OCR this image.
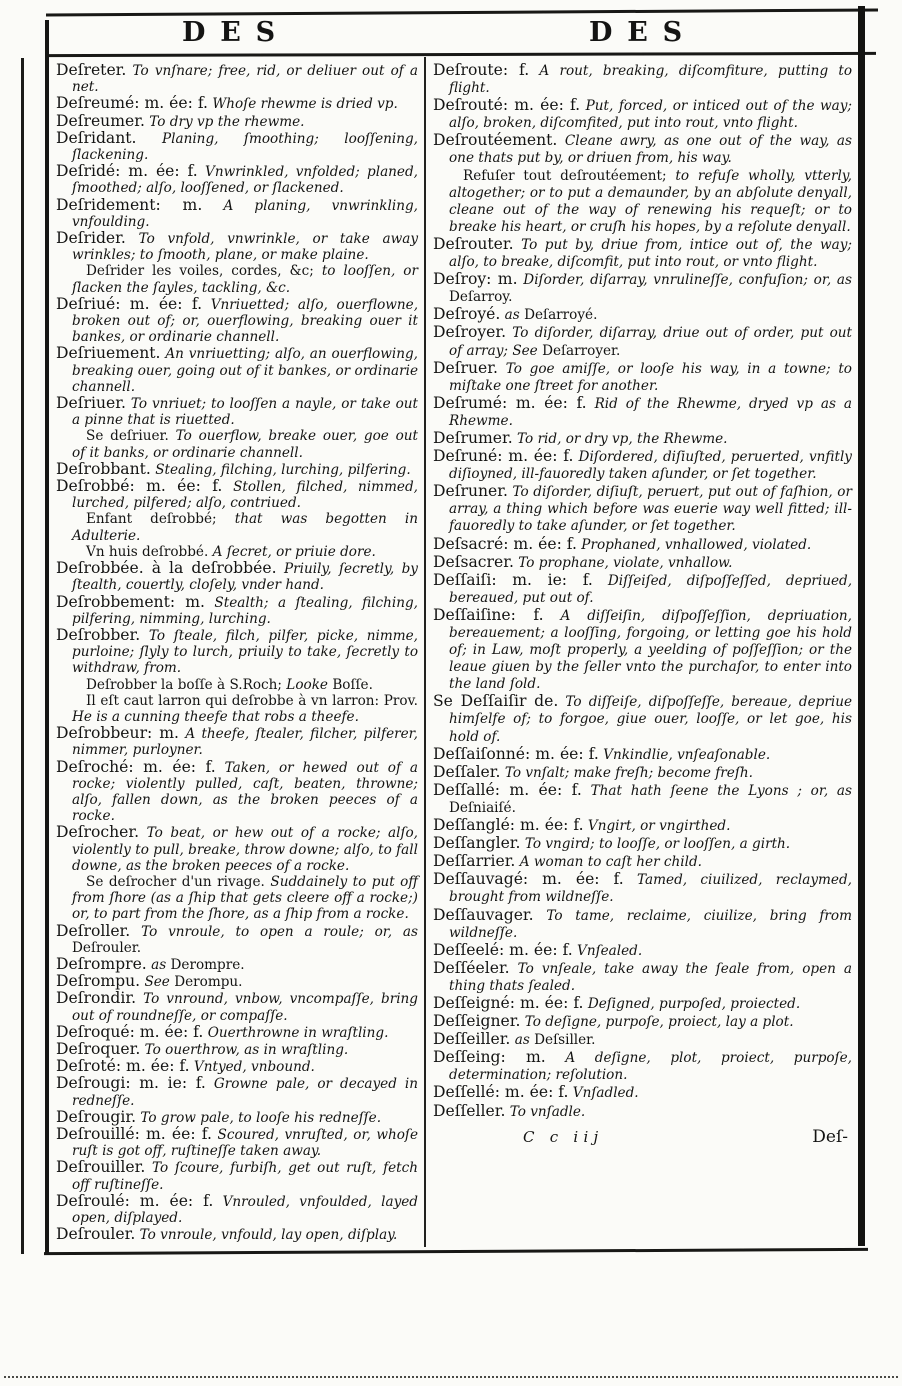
DES	DES

Deſreter. To vnſnare; free, rid, or deliuer out of a net.

Deſreumé: m. ée: f. Whoſe rhewme is dried vp.

Deſreumer. To dry vp the rhewme.

Deſridant. Planing, ſmoothing; looſſening, ſlackening.

Deſridé: m. ée: f. Vnwrinkled, vnfolded; planed, ſmoothed; alſo, looſſened, or ſlackened.

Deſridement: m. A planing, vnwrinkling, vnfoulding.

Deſrider. To vnfold, vnwrinkle, or take away wrinkles; to ſmooth, plane, or make plaine.

Deſrider les voiles, cordes, &c; to looſſen, or ſlacken the ſayles, tackling, &c.

Deſriué: m. ée: f. Vnriuetted; alſo, ouerflowne, broken out of; or, ouerflowing, breaking ouer it bankes, or ordinarie channell.

Deſriuement. An vnriuetting; alſo, an ouerflowing, breaking ouer, going out of it bankes, or ordinarie channell.

Deſriuer. To vnriuet; to looſſen a nayle, or take out a pinne that is riuetted.

Se deſriuer. To ouerflow, breake ouer, goe out of it banks, or ordinarie channell.

Deſrobbant. Stealing, filching, lurching, pilfering.

Deſrobbé: m. ée: f. Stollen, filched, nimmed, lurched, pilfered; alſo, contriued.

Enfant deſrobbé; that was begotten in Adulterie.

Vn huis deſrobbé. A ſecret, or priuie dore.

Deſrobbée. à la deſrobbée. Priuily, ſecretly, by ſtealth, couertly, cloſely, vnder hand.

Deſrobbement: m. Stealth; a ſtealing, filching, pilfering, nimming, lurching.

Deſrobber. To ſteale, filch, pilfer, picke, nimme, purloine; ſlyly to lurch, priuily to take, ſecretly to withdraw, from.

Deſrobber la boſſe à S.Roch; Looke Boſſe.

Il eſt caut larron qui deſrobbe à vn larron: Prov. He is a cunning theefe that robs a theefe.

Deſrobbeur: m. A theefe, ſtealer, filcher, pilferer, nimmer, purloyner.

Deſroché: m. ée: f. Taken, or hewed out of a rocke; violently pulled, caſt, beaten, throwne; alſo, fallen down, as the broken peeces of a rocke.

Deſrocher. To beat, or hew out of a rocke; alſo, violently to pull, breake, throw downe; alſo, to fall downe, as the broken peeces of a rocke.

Se deſrocher d'un rivage. Suddainely to put off from ſhore (as a ſhip that gets cleere off a rocke;) or, to part from the ſhore, as a ſhip from a rocke.

Deſroller. To vnroule, to open a roule; or, as Deſrouler.

Deſrompre. as Derompre.

Deſrompu. See Derompu.

Deſrondir. To vnround, vnbow, vncompaſſe, bring out of roundneſſe, or compaſſe.

Deſroqué: m. ée: f. Ouerthrowne in wraſtling.

Deſroquer. To ouerthrow, as in wraſtling.

Deſroté: m. ée: f. Vntyed, vnbound.

Deſrougi: m. ie: f. Growne pale, or decayed in redneſſe.

Deſrougir. To grow pale, to looſe his redneſſe.

Deſrouillé: m. ée: f. Scoured, vnruſted, or, whoſe ruſt is got off, ruſtineſſe taken away.

Deſrouiller. To ſcoure, furbiſh, get out ruſt, fetch off ruſtineſſe.

Deſroulé: m. ée: f. Vnrouled, vnfoulded, layed open, diſplayed.

Deſrouler. To vnroule, vnfould, lay open, diſplay.

Deſroute: f. A rout, breaking, diſcomfiture, putting to flight.

Deſrouté: m. ée: f. Put, forced, or inticed out of the way; alſo, broken, diſcomfited, put into rout, vnto flight.

Deſroutéement. Cleane awry, as one out of the way, as one thats put by, or driuen from, his way.

Refuſer tout deſroutéement; to refuſe wholly, vtterly, altogether; or to put a demaunder, by an abſolute denyall, cleane out of the way of renewing his requeſt; or to breake his heart, or cruſh his hopes, by a reſolute denyall.

Deſrouter. To put by, driue from, intice out of, the way; alſo, to breake, diſcomfit, put into rout, or vnto flight.

Deſroy: m. Diſorder, diſarray, vnrulineſſe, confuſion; or, as Deſarroy.

Deſroyé. as Deſarroyé.

Deſroyer. To diſorder, diſarray, driue out of order, put out of array; See Deſarroyer.

Deſruer. To goe amiſſe, or looſe his way, in a towne; to miſtake one ſtreet for another.

Deſrumé: m. ée: f. Rid of the Rhewme, dryed vp as a Rhewme.

Deſrumer. To rid, or dry vp, the Rhewme.

Deſruné: m. ée: f. Diſordered, diſiuſted, peruerted, vnfitly diſioyned, ill-fauoredly taken aſunder, or ſet together.

Deſruner. To diſorder, diſiuſt, peruert, put out of faſhion, or array, a thing which before was euerie way well fitted; ill-fauoredly to take aſunder, or ſet together.

Deſsacré: m. ée: f. Prophaned, vnhallowed, violated.

Deſsacrer. To prophane, violate, vnhallow.

Deſſaiſi: m. ie: f. Diſſeiſed, diſpoſſeſſed, depriued, bereaued, put out of.

Deſſaiſine: f. A diſſeiſin, diſpoſſeſſion, depriuation, bereauement; a looſſing, forgoing, or letting goe his hold of; in Law, moſt properly, a yeelding of poſſeſſion; or the leaue giuen by the ſeller vnto the purchaſor, to enter into the land ſold.

Se Deſſaiſir de. To diſſeiſe, diſpoſſeſſe, bereaue, depriue himſelfe of; to forgoe, giue ouer, looſſe, or let goe, his hold of.

Deſſaiſonné: m. ée: f. Vnkindlie, vnſeaſonable.

Deſſaler. To vnſalt; make freſh; become freſh.

Deſſallé: m. ée: f. That hath ſeene the Lyons ; or, as Deſniaiſé.

Deſſanglé: m. ée: f. Vngirt, or vngirthed.

Deſſangler. To vngird; to looſſe, or looſſen, a girth.

Deſſarrier. A woman to caſt her child.

Deſſauvagé: m. ée: f. Tamed, ciuilized, reclaymed, brought from wildneſſe.

Deſſauvager. To tame, reclaime, ciuilize, bring from wildneſſe.

Deſſeelé: m. ée: f. Vnſealed.

Deſſéeler. To vnſeale, take away the ſeale from, open a thing thats ſealed.

Deſſeigné: m. ée: f. Deſigned, purpoſed, proiected.

Deſſeigner. To deſigne, purpoſe, proiect, lay a plot.

Deſſeiller. as Deſsiller.

Deſſeing: m. A deſigne, plot, proiect, purpoſe, determination; reſolution.

Deſſellé: m. ée: f. Vnſadled.

Deſſeller. To vnſadle.

C c iij	Deſ-
